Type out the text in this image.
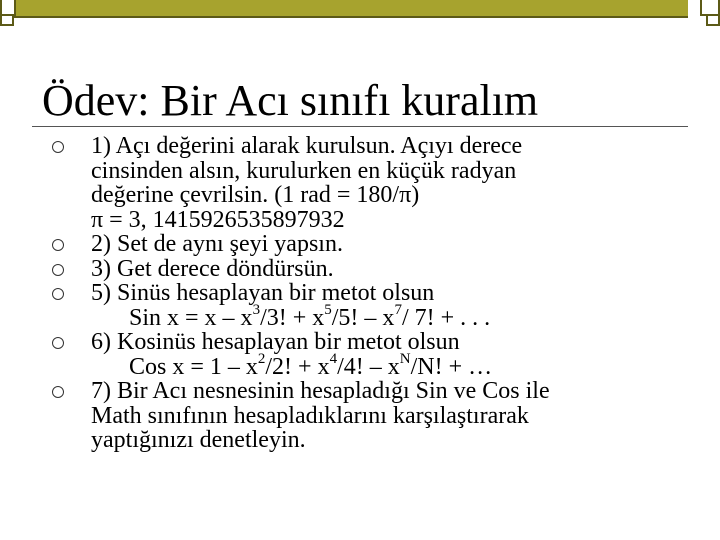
Ödev: Bir Acı sınıfı kuralım
1) Açı değerini alarak kurulsun. Açıyı derece
cinsinden alsın, kurulurken en küçük radyan
değerine çevrilsin. (1 rad = 180/π)
π = 3, 1415926535897932
2) Set de aynı şeyi yapsın.
3) Get derece döndürsün.
5) Sinüs hesaplayan bir metot olsun
Sin $x = x - x^3/3$! + $x^5/5$! – $x^7/$ 7! + . . .
6) Kosinüs hesaplayan bir metot olsun
Cos $x = 1 - x^2/2$! + $x^4/4$! – $x^N/N$! + …
7) Bir Acı nesnesinin hesapladığı Sin ve Cos ile
Math sınıfının hesapladıklarını karşılaştırarak
yaptığınızı denetleyin.
